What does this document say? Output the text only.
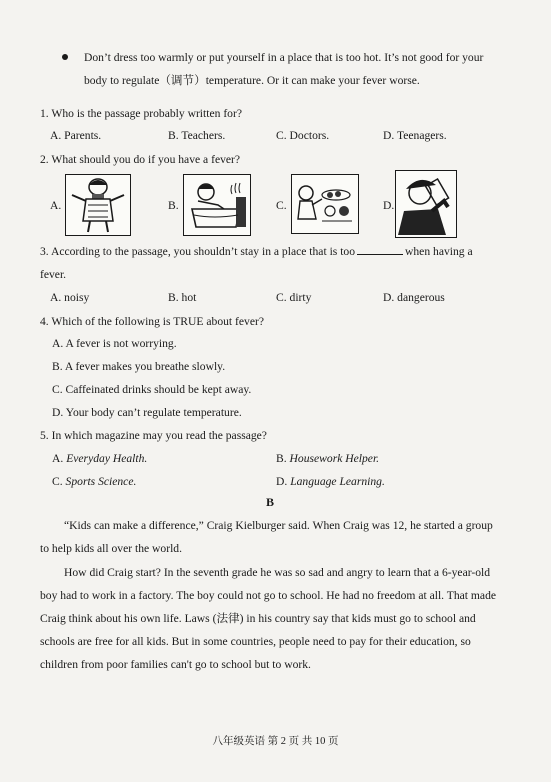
Don’t dress too warmly or put yourself in a place that is too hot. It’s not good for your
body to regulate（调节）temperature. Or it can make your fever worse.
1. Who is the passage probably written for?
A. Parents.	B. Teachers.	C. Doctors.	D. Teenagers.
2. What should you do if you have a fever?
A.	B.	C.	D.
3. According to the passage, you shouldn’t stay in a place that is too	when having a
fever.
A. noisy	B. hot	C. dirty	D. dangerous
4. Which of the following is TRUE about fever?
A. A fever is not worrying.
B. A fever makes you breathe slowly.
C. Caffeinated drinks should be kept away.
D. Your body can’t regulate temperature.
5. In which magazine may you read the passage?
A. Everyday Health.	B. Housework Helper.
C. Sports Science.	D. Language Learning.
B
“Kids can make a difference,” Craig Kielburger said. When Craig was 12, he started a group
to help kids all over the world.
How did Craig start? In the seventh grade he was so sad and angry to learn that a 6-year-old
boy had to work in a factory. The boy could not go to school. He had no freedom at all. That made
Craig think about his own life. Laws (法律) in his country say that kids must go to school and
schools are free for all kids. But in some countries, people need to pay for their education, so
children from poor families can't go to school but to work.
八年级英语 第 2 页 共 10 页
